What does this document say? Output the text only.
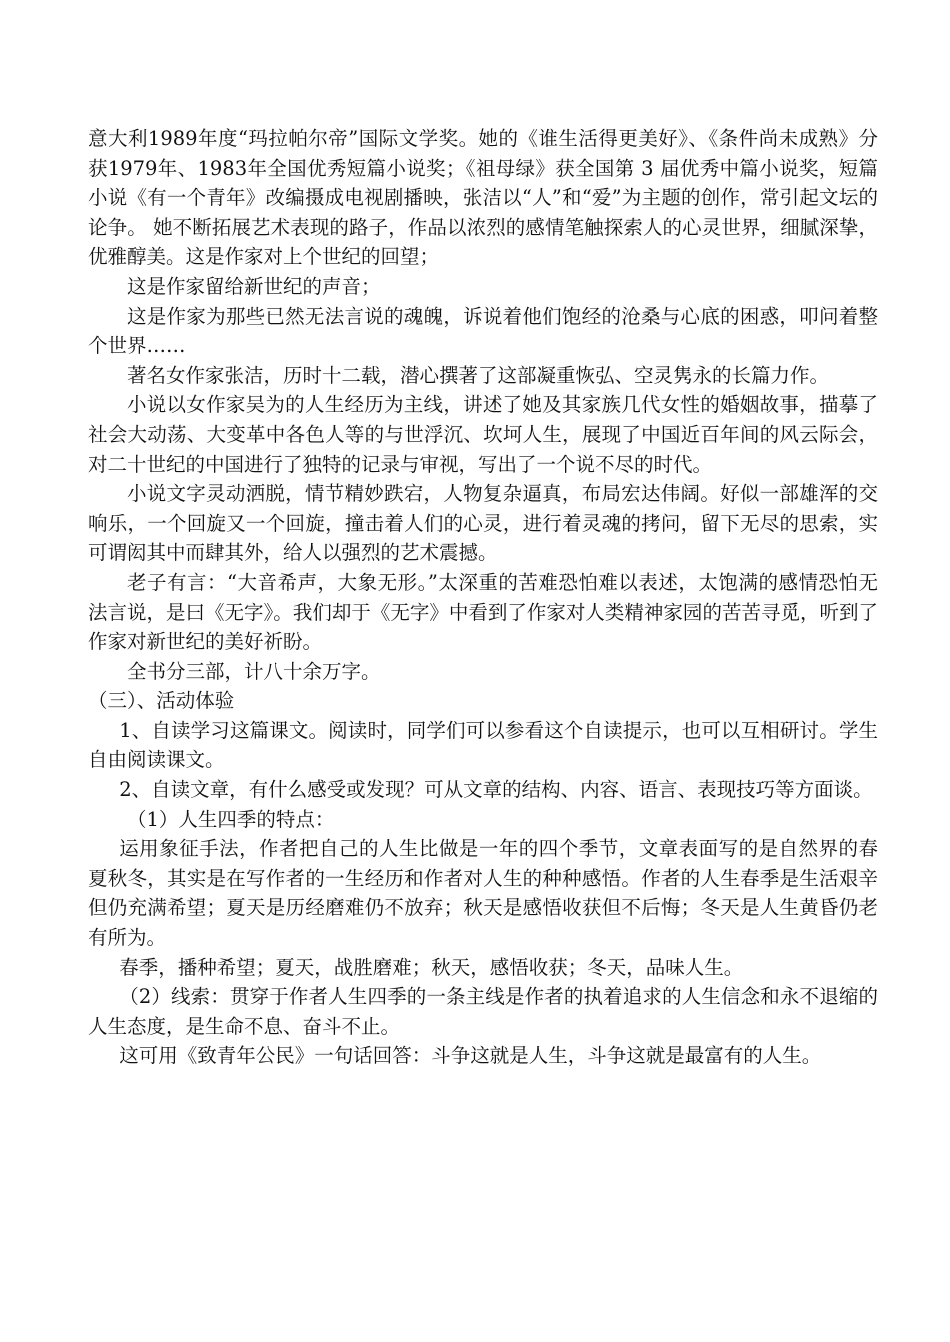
意大利1989年度“玛拉帕尔帝”国际文学奖。她的《谁生活得更美好》、《条件尚未成熟》分获1979年、1983年全国优秀短篇小说奖；《祖母绿》获全国第 3 届优秀中篇小说奖，短篇小说《有一个青年》改编摄成电视剧播映，张洁以“人”和“爱”为主题的创作，常引起文坛的论争。 她不断拓展艺术表现的路子，作品以浓烈的感情笔触探索人的心灵世界，细腻深挚，优雅醇美。这是作家对上个世纪的回望；

这是作家留给新世纪的声音；

这是作家为那些已然无法言说的魂魄，诉说着他们饱经的沧桑与心底的困惑，叩问着整个世界……

著名女作家张洁，历时十二载，潜心撰著了这部凝重恢弘、空灵隽永的长篇力作。

小说以女作家吴为的人生经历为主线，讲述了她及其家族几代女性的婚姻故事，描摹了社会大动荡、大变革中各色人等的与世浮沉、坎坷人生，展现了中国近百年间的风云际会，对二十世纪的中国进行了独特的记录与审视，写出了一个说不尽的时代。

小说文字灵动洒脱，情节精妙跌宕，人物复杂逼真，布局宏达伟阔。好似一部雄浑的交响乐，一个回旋又一个回旋，撞击着人们的心灵，进行着灵魂的拷问，留下无尽的思索，实可谓闳其中而肆其外，给人以强烈的艺术震撼。

老子有言：“大音希声，大象无形。”太深重的苦难恐怕难以表述，太饱满的感情恐怕无法言说，是曰《无字》。我们却于《无字》中看到了作家对人类精神家园的苦苦寻觅，听到了作家对新世纪的美好祈盼。

全书分三部，计八十余万字。

（三）、活动体验

1、自读学习这篇课文。阅读时，同学们可以参看这个自读提示，也可以互相研讨。学生自由阅读课文。

2、自读文章，有什么感受或发现？可从文章的结构、内容、语言、表现技巧等方面谈。

（1）人生四季的特点：

运用象征手法，作者把自己的人生比做是一年的四个季节，文章表面写的是自然界的春夏秋冬，其实是在写作者的一生经历和作者对人生的种种感悟。作者的人生春季是生活艰辛但仍充满希望；夏天是历经磨难仍不放弃；秋天是感悟收获但不后悔；冬天是人生黄昏仍老有所为。

春季，播种希望；夏天，战胜磨难；秋天，感悟收获；冬天，品味人生。

（2）线索：贯穿于作者人生四季的一条主线是作者的执着追求的人生信念和永不退缩的人生态度，是生命不息、奋斗不止。

这可用《致青年公民》一句话回答：斗争这就是人生，斗争这就是最富有的人生。
